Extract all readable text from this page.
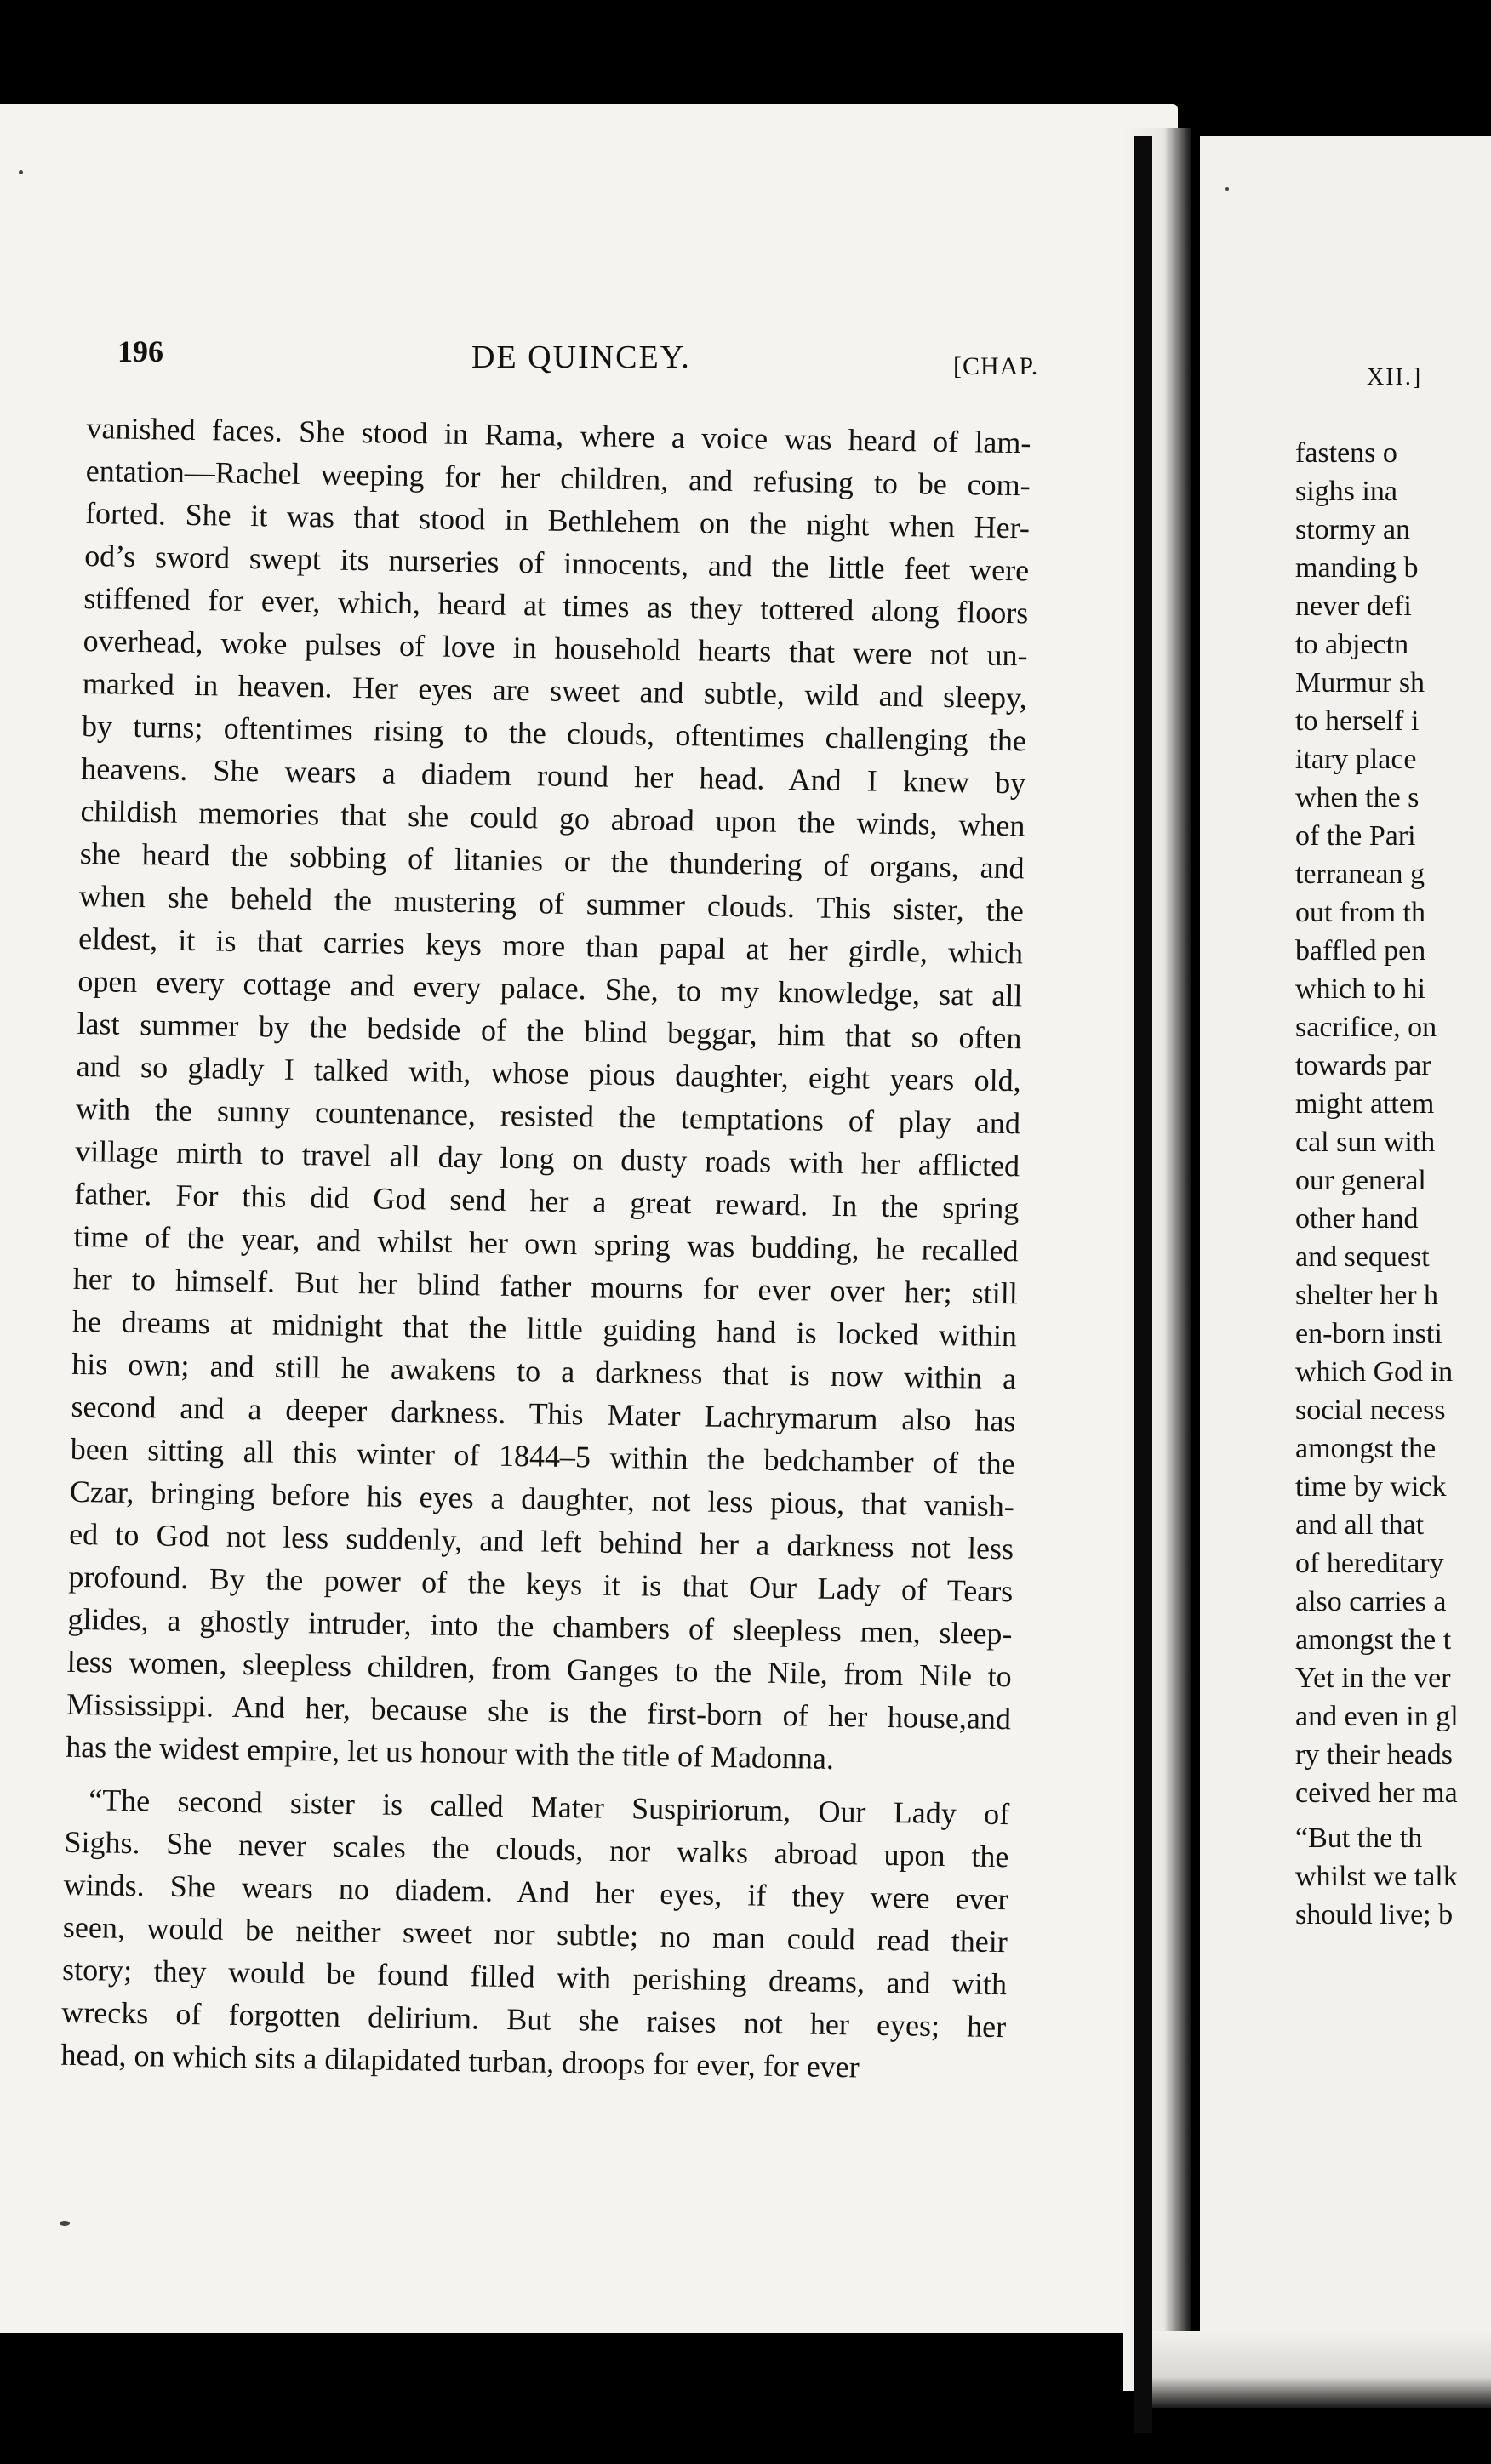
196	DE QUINCEY.	[CHAP.
vanished faces. She stood in Rama, where a voice was heard of lam-
entation—Rachel weeping for her children, and refusing to be com-
forted. She it was that stood in Bethlehem on the night when Her-
od’s sword swept its nurseries of innocents, and the little feet were
stiffened for ever, which, heard at times as they tottered along floors
overhead, woke pulses of love in household hearts that were not un-
marked in heaven. Her eyes are sweet and subtle, wild and sleepy,
by turns; oftentimes rising to the clouds, oftentimes challenging the
heavens. She wears a diadem round her head. And I knew by
childish memories that she could go abroad upon the winds, when
she heard the sobbing of litanies or the thundering of organs, and
when she beheld the mustering of summer clouds. This sister, the
eldest, it is that carries keys more than papal at her girdle, which
open every cottage and every palace. She, to my knowledge, sat all
last summer by the bedside of the blind beggar, him that so often
and so gladly I talked with, whose pious daughter, eight years old,
with the sunny countenance, resisted the temptations of play and
village mirth to travel all day long on dusty roads with her afflicted
father. For this did God send her a great reward. In the spring
time of the year, and whilst her own spring was budding, he recalled
her to himself. But her blind father mourns for ever over her; still
he dreams at midnight that the little guiding hand is locked within
his own; and still he awakens to a darkness that is now within a
second and a deeper darkness. This Mater Lachrymarum also has
been sitting all this winter of 1844–5 within the bedchamber of the
Czar, bringing before his eyes a daughter, not less pious, that vanish-
ed to God not less suddenly, and left behind her a darkness not less
profound. By the power of the keys it is that Our Lady of Tears
glides, a ghostly intruder, into the chambers of sleepless men, sleep-
less women, sleepless children, from Ganges to the Nile, from Nile to
Mississippi. And her, because she is the first-born of her house,and
has the widest empire, let us honour with the title of Madonna.
“The second sister is called Mater Suspiriorum, Our Lady of
Sighs. She never scales the clouds, nor walks abroad upon the
winds. She wears no diadem. And her eyes, if they were ever
seen, would be neither sweet nor subtle; no man could read their
story; they would be found filled with perishing dreams, and with
wrecks of forgotten delirium. But she raises not her eyes; her
head, on which sits a dilapidated turban, droops for ever, for ever
XII.]
fastens o
sighs ina
stormy an
manding b
never defi
to abjectn
Murmur sh
to herself i
itary place
when the s
of the Pari
terranean g
out from th
baffled pen
which to hi
sacrifice, on
towards par
might attem
cal sun with
our general
other hand
and sequest
shelter her h
en-born insti
which God in
social necess
amongst the
time by wick
and all that
of hereditary
also carries a
amongst the t
Yet in the ver
and even in gl
ry their heads
ceived her ma
“But the th
whilst we talk
should live; b
